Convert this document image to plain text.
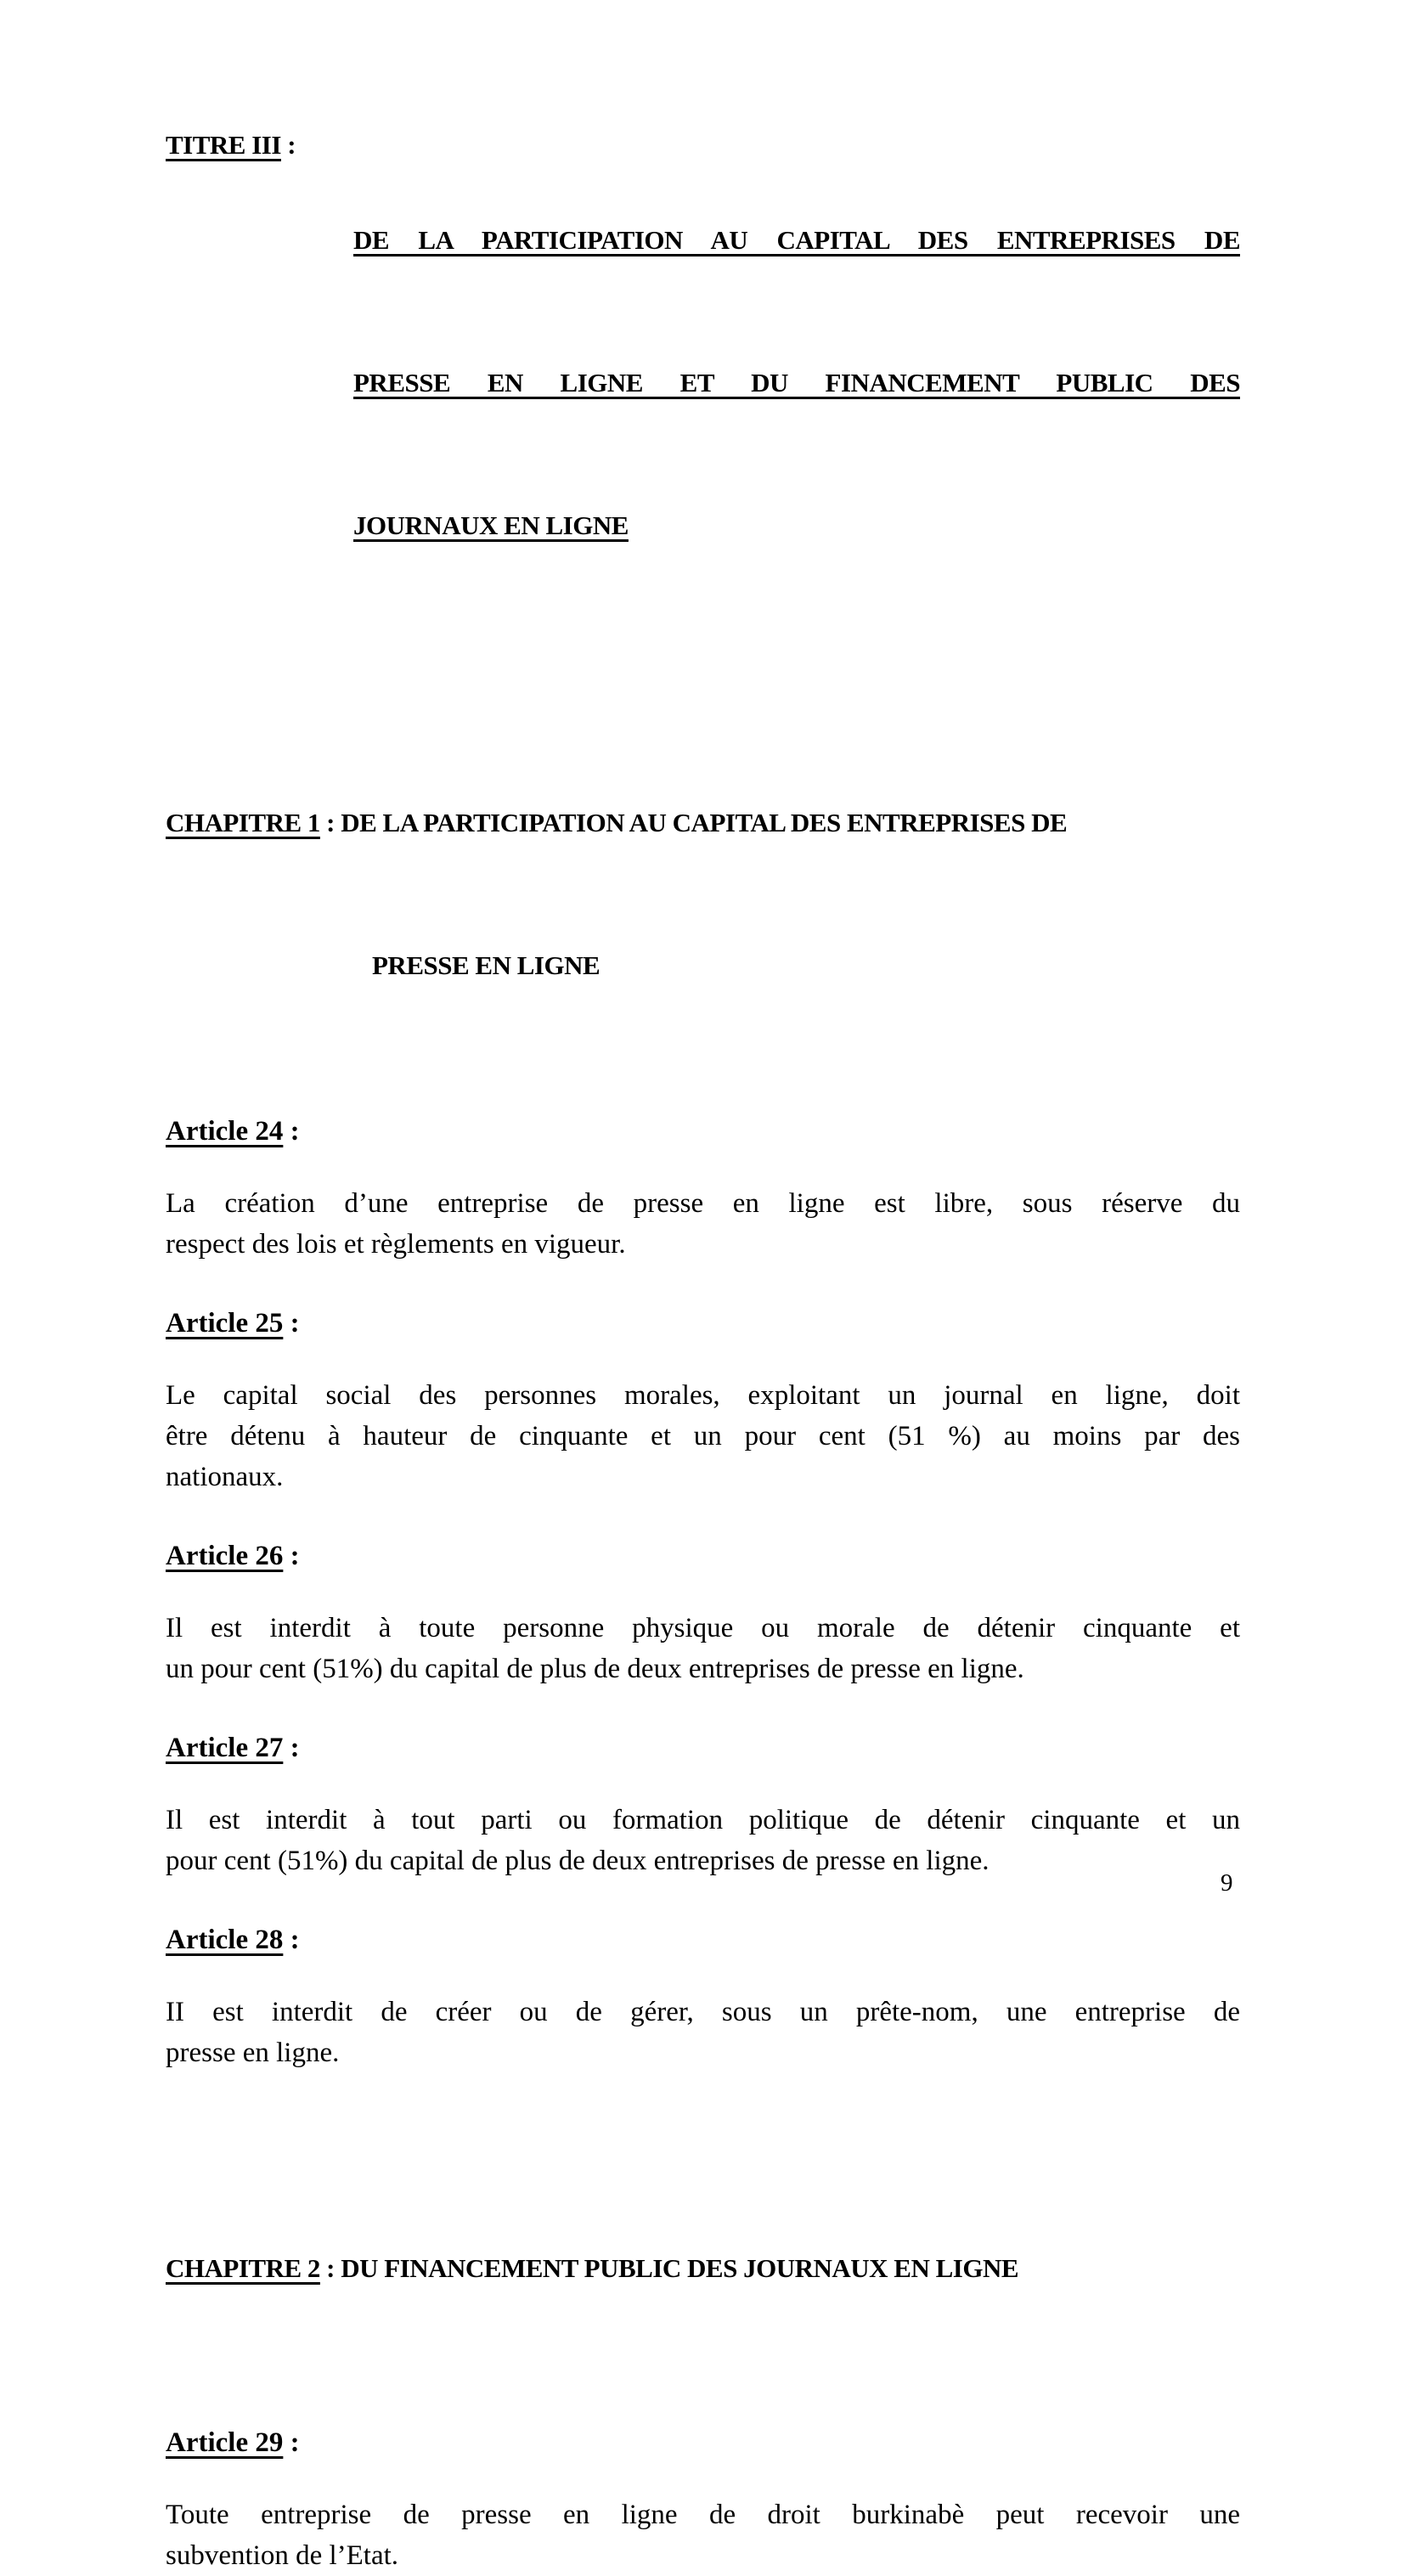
TITRE III :

DE LA PARTICIPATION AU CAPITAL DES ENTREPRISES DE

PRESSE EN LIGNE ET DU FINANCEMENT PUBLIC DES

JOURNAUX EN LIGNE

CHAPITRE 1 : DE LA PARTICIPATION AU CAPITAL DES ENTREPRISES DE

PRESSE EN LIGNE

Article 24 :
La création d’une entreprise de presse en ligne est libre, sous réserve du
respect des lois et règlements en vigueur.
Article 25 :
Le capital social des personnes morales, exploitant un journal en ligne, doit
être détenu à hauteur de cinquante et un pour cent (51 %) au moins par des
nationaux.
Article 26 :
Il est interdit à toute personne physique ou morale de détenir cinquante et
un pour cent (51%) du capital de plus de deux entreprises de presse en ligne.
Article 27 :
Il est interdit à tout parti ou formation politique de détenir cinquante et un
pour cent (51%) du capital de plus de deux entreprises de presse en ligne.
Article 28 :
II est interdit de créer ou de gérer, sous un prête-nom, une entreprise de
presse en ligne.

CHAPITRE 2 : DU FINANCEMENT PUBLIC DES JOURNAUX EN LIGNE

Article 29 :
Toute entreprise de presse en ligne de droit burkinabè peut recevoir une
subvention de l’Etat.
9
